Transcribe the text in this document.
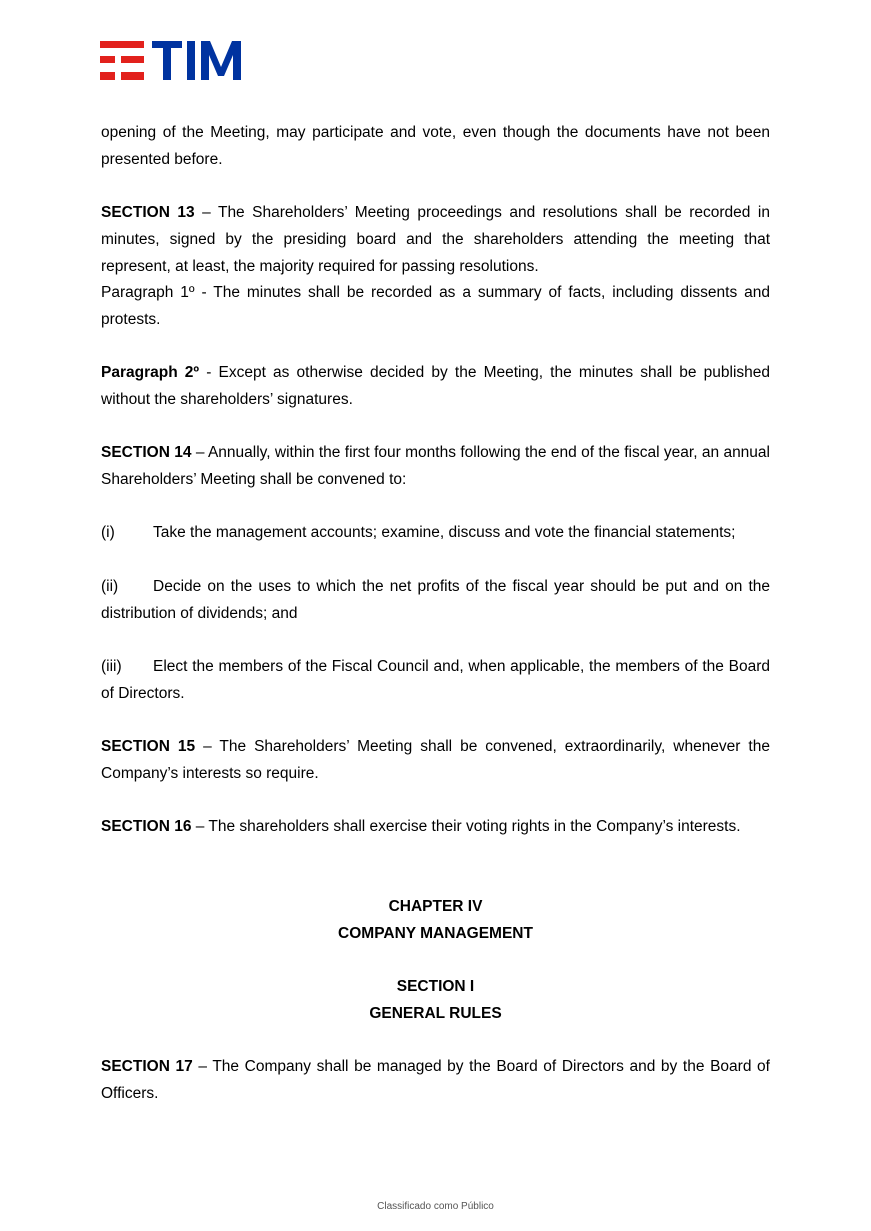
opening of the Meeting, may participate and vote, even though the documents have not been presented before.

SECTION 13 – The Shareholders’ Meeting proceedings and resolutions shall be recorded in minutes, signed by the presiding board and the shareholders attending the meeting that represent, at least, the majority required for passing resolutions.

Paragraph 1º - The minutes shall be recorded as a summary of facts, including dissents and protests.

Paragraph 2º - Except as otherwise decided by the Meeting, the minutes shall be published without the shareholders’ signatures.

SECTION 14 – Annually, within the first four months following the end of the fiscal year, an annual Shareholders’ Meeting shall be convened to:

(i) Take the management accounts; examine, discuss and vote the financial statements;

(ii) Decide on the uses to which the net profits of the fiscal year should be put and on the distribution of dividends; and

(iii) Elect the members of the Fiscal Council and, when applicable, the members of the Board of Directors.

SECTION 15 – The Shareholders’ Meeting shall be convened, extraordinarily, whenever the Company’s interests so require.

SECTION 16 – The shareholders shall exercise their voting rights in the Company’s interests.

CHAPTER IV

COMPANY MANAGEMENT

SECTION I

GENERAL RULES

SECTION 17 – The Company shall be managed by the Board of Directors and by the Board of Officers.

Classificado como Público
